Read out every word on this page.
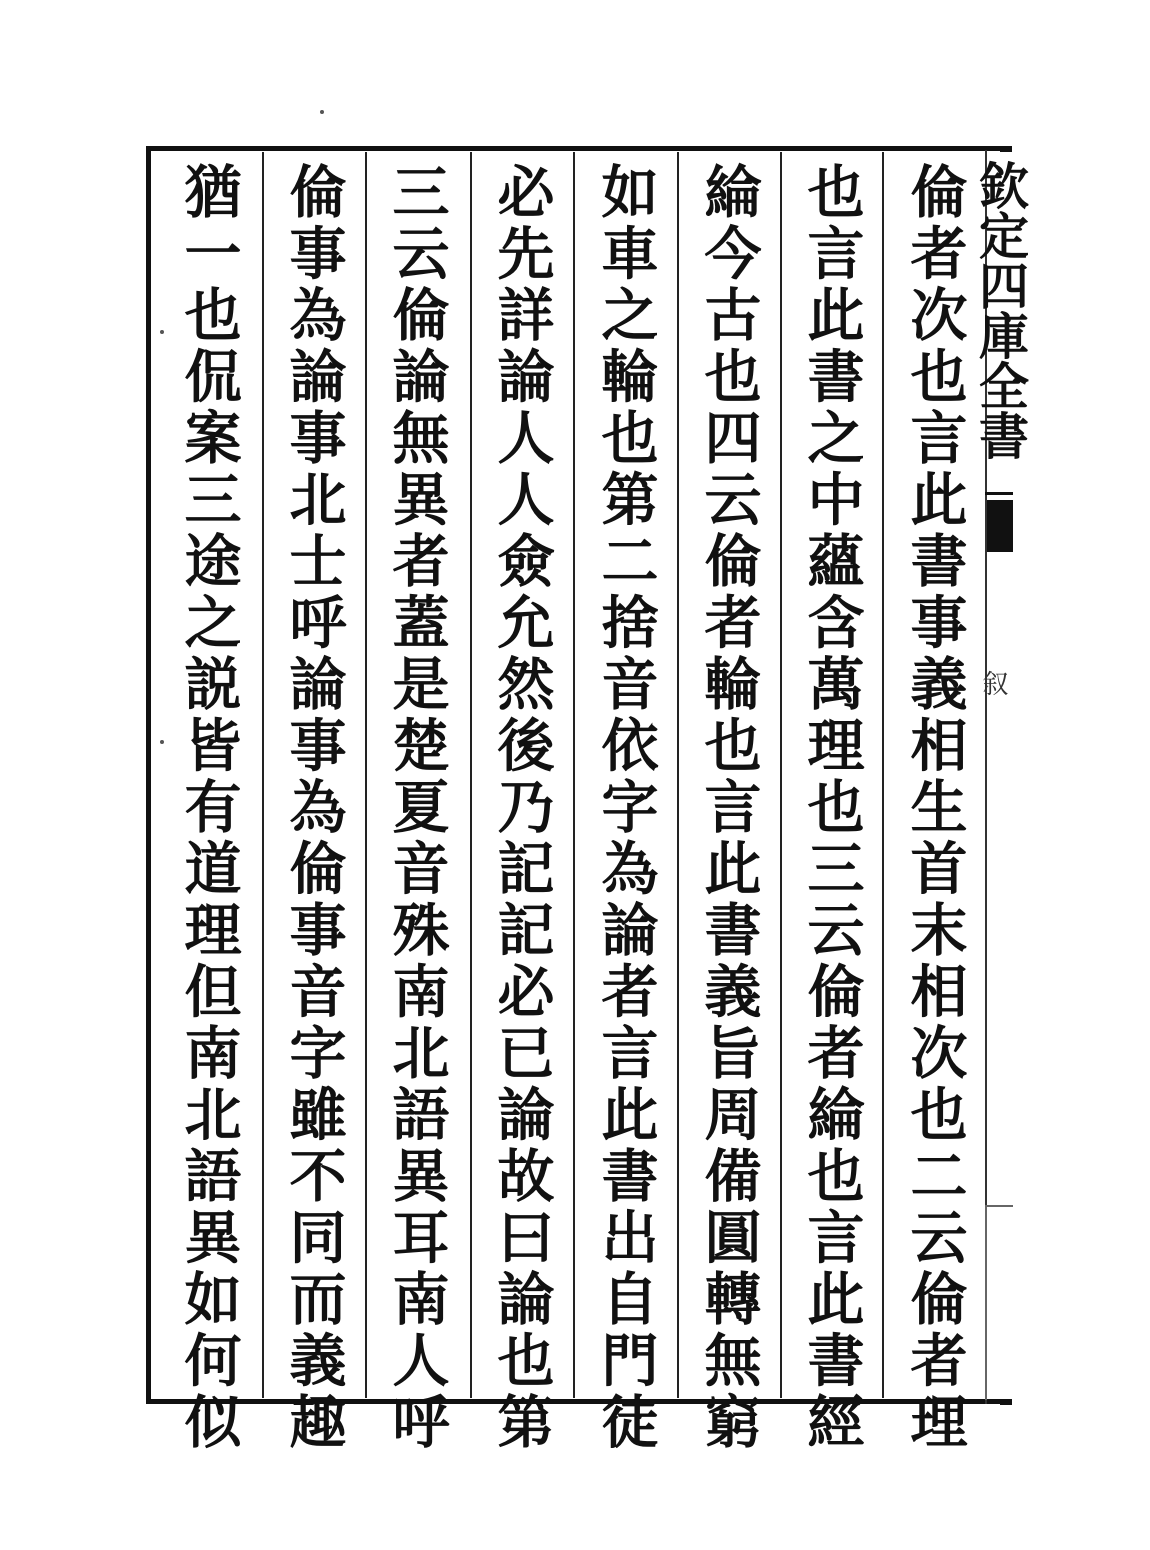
倫者次也言此書事義相生首末相次也二云倫者理
也言此書之中蘊含萬理也三云倫者綸也言此書經
綸今古也四云倫者輪也言此書義旨周備圓轉無窮
如車之輪也第二捨音依字為論者言此書出自門徒
必先詳論人人僉允然後乃記記必已論故曰論也第
三云倫論無異者蓋是楚夏音殊南北語異耳南人呼
倫事為論事北士呼論事為倫事音字雖不同而義趣
猶一也侃案三途之説皆有道理但南北語異如何似	欽定四庫全書
叙
